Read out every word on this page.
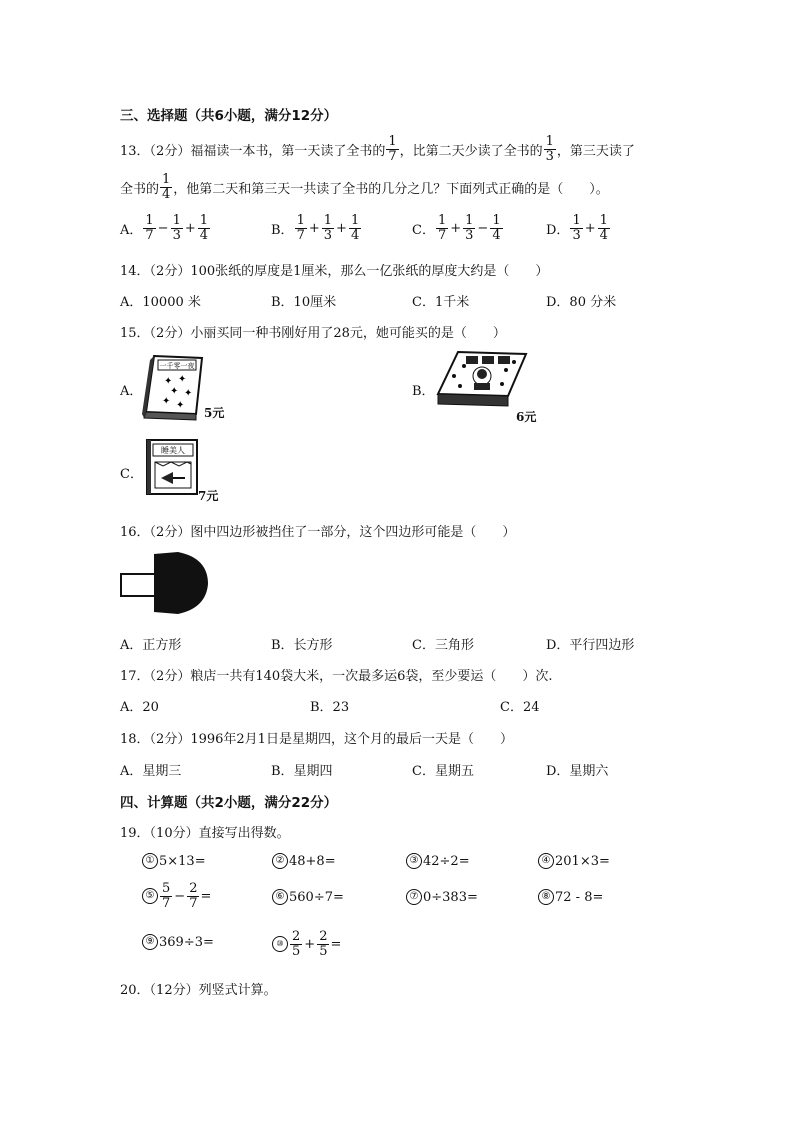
三、选择题（共6小题，满分12分）
13．（2分） 福福读一本书，第一天读了全书的 $\frac{1}{7}$ ，比第二天少读了全书的 $\frac{1}{3}$ ，第三天读了
全书的 $\frac{1}{4}$ ，他第二天和第三天一共读了全书的几分之几？下面列式正确的是（　　）。
A． $\frac{1}{7} - \frac{1}{3} + \frac{1}{4}$	B． $\frac{1}{7} + \frac{1}{3} + \frac{1}{4}$	C． $\frac{1}{7} + \frac{1}{3} - \frac{1}{4}$	D． $\frac{1}{3} + \frac{1}{4}$
14．（2分）100张纸的厚度是1厘米，那么一亿张纸的厚度大约是（　　）
A．10000 米	B．10厘米	C．1千米	D．80 分米
15．（2分）小丽买同一种书刚好用了28元，她可能买的是（　　）
A．
一千零一夜
✦ ✦
✦ ✦
✦ ✦
5元
B．
6元
C．
睡美人
7元
16．（2分）图中四边形被挡住了一部分，这个四边形可能是（　　）
A．正方形	B．长方形	C．三角形	D．平行四边形
17．（2分）粮店一共有140袋大米，一次最多运6袋，至少要运（　　）次.
A．20	B．23	C．24
18．（2分）1996年2月1日是星期四，这个月的最后一天是（　　）
A．星期三	B．星期四	C．星期五	D．星期六
四、计算题（共2小题，满分22分）
19．（10分）直接写出得数。
① 5×13=	② 48+8=	③ 42÷2=	④ 201×3=
⑤ $\frac{5}{7} - \frac{2}{7}$ =	⑥ 560÷7=	⑦ 0÷383=	⑧ 72 - 8=
⑨ 369÷3=	⑩ $\frac{2}{5} + \frac{2}{5}$ =
20．（12分）列竖式计算。
